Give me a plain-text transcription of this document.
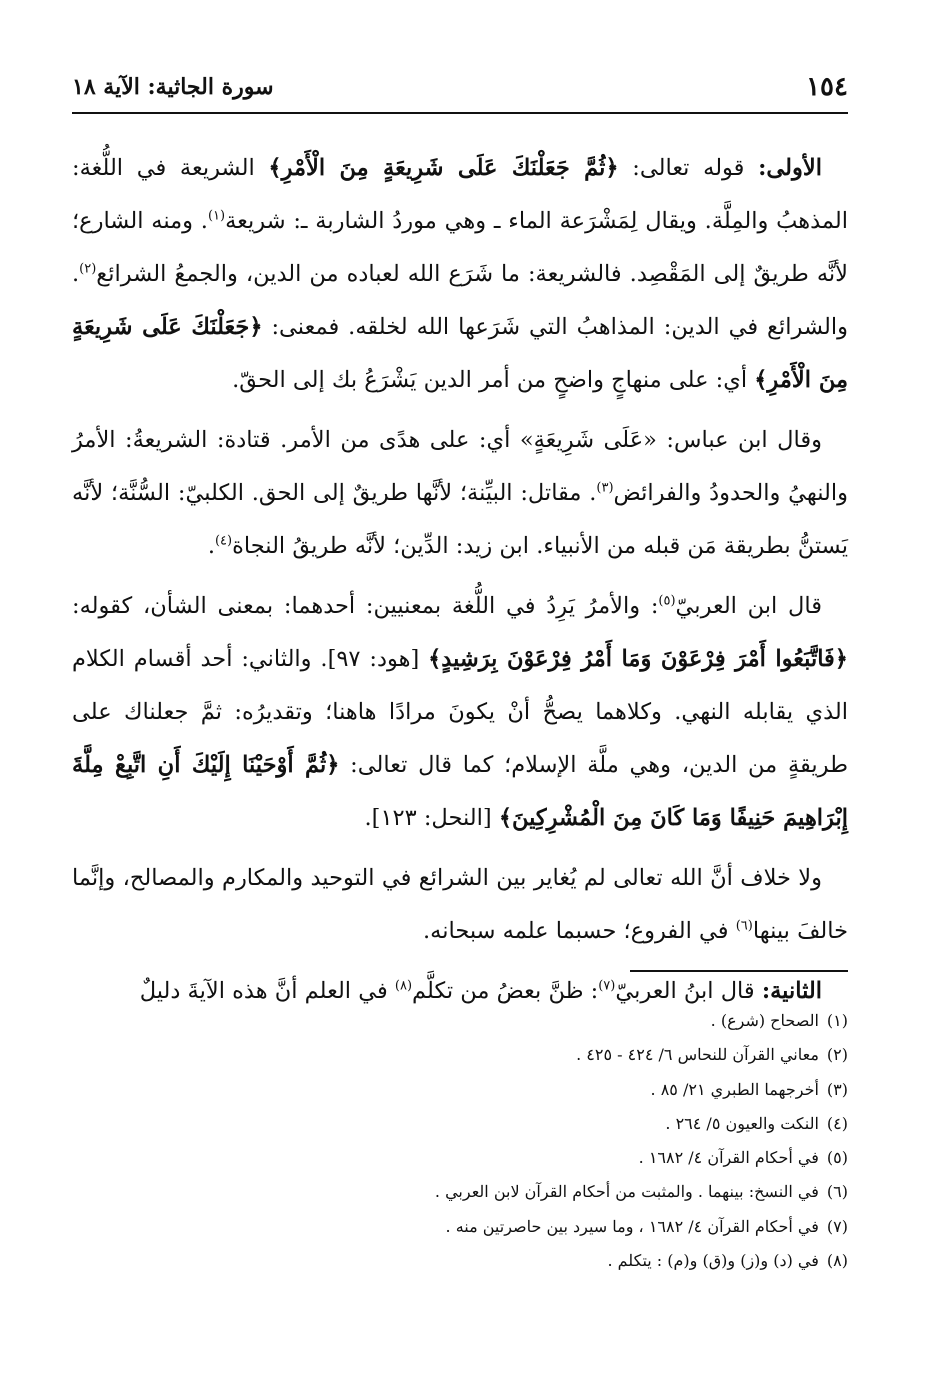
١٥٤
سورة الجاثية: الآية ١٨

الأولى: قوله تعالى: ﴿ثُمَّ جَعَلْنَكَ عَلَى شَرِيعَةٍ مِنَ الْأَمْرِ﴾ الشريعة في اللُّغة: المذهبُ والمِلَّة. ويقال لِمَشْرَعة الماء ـ وهي موردُ الشاربة ـ: شريعة$^{(١)}$. ومنه الشارع؛ لأنَّه طريقٌ إلى المَقْصِد. فالشريعة: ما شَرَع الله لعباده من الدين، والجمعُ الشرائع$^{(٢)}$. والشرائع في الدين: المذاهبُ التي شَرَعها الله لخلقه. فمعنى: ﴿جَعَلْنَكَ عَلَى شَرِيعَةٍ مِنَ الْأَمْرِ﴾ أي: على منهاجٍ واضحٍ من أمر الدين يَشْرَعُ بك إلى الحقّ.

وقال ابن عباس: «عَلَى شَرِيعَةٍ» أي: على هدًى من الأمر. قتادة: الشريعةُ: الأمرُ والنهيُ والحدودُ والفرائض$^{(٣)}$. مقاتل: البيِّنة؛ لأنَّها طريقٌ إلى الحق. الكلبيّ: السُّنَّة؛ لأنَّه يَستنُّ بطريقة مَن قبله من الأنبياء. ابن زيد: الدِّين؛ لأنَّه طريقُ النجاة$^{(٤)}$.

قال ابن العربيّ$^{(٥)}$: والأمرُ يَرِدُ في اللُّغة بمعنيين: أحدهما: بمعنى الشأن، كقوله: ﴿فَاتَّبَعُوا أَمْرَ فِرْعَوْنَ وَمَا أَمْرُ فِرْعَوْنَ بِرَشِيدٍ﴾ [هود: ٩٧]. والثاني: أحد أقسام الكلام الذي يقابله النهي. وكلاهما يصحُّ أنْ يكونَ مرادًا هاهنا؛ وتقديرُه: ثمَّ جعلناك على طريقةٍ من الدين، وهي ملَّة الإسلام؛ كما قال تعالى: ﴿ثُمَّ أَوْحَيْنَا إِلَيْكَ أَنِ اتَّبِعْ مِلَّةَ إِبْرَاهِيمَ حَنِيفًا وَمَا كَانَ مِنَ الْمُشْرِكِينَ﴾ [النحل: ١٢٣].

ولا خلاف أنَّ الله تعالى لم يُغاير بين الشرائع في التوحيد والمكارم والمصالح، وإنَّما خالفَ بينها$^{(٦)}$ في الفروع؛ حسبما علمه سبحانه.

الثانية: قال ابنُ العربيّ$^{(٧)}$: ظنَّ بعضُ من تكلَّم$^{(٨)}$ في العلم أنَّ هذه الآيةَ دليلٌ

(١)الصحاح (شرع) .
(٢)معاني القرآن للنحاس ٦/ ٤٢٤ - ٤٢٥ .
(٣)أخرجهما الطبري ٢١/ ٨٥ .
(٤)النكت والعيون ٥/ ٢٦٤ .
(٥)في أحكام القرآن ٤/ ١٦٨٢ .
(٦)في النسخ: بينهما . والمثبت من أحكام القرآن لابن العربي .
(٧)في أحكام القرآن ٤/ ١٦٨٢ ، وما سيرد بين حاصرتين منه .
(٨)في (د) و(ز) و(ق) و(م) : يتكلم .
